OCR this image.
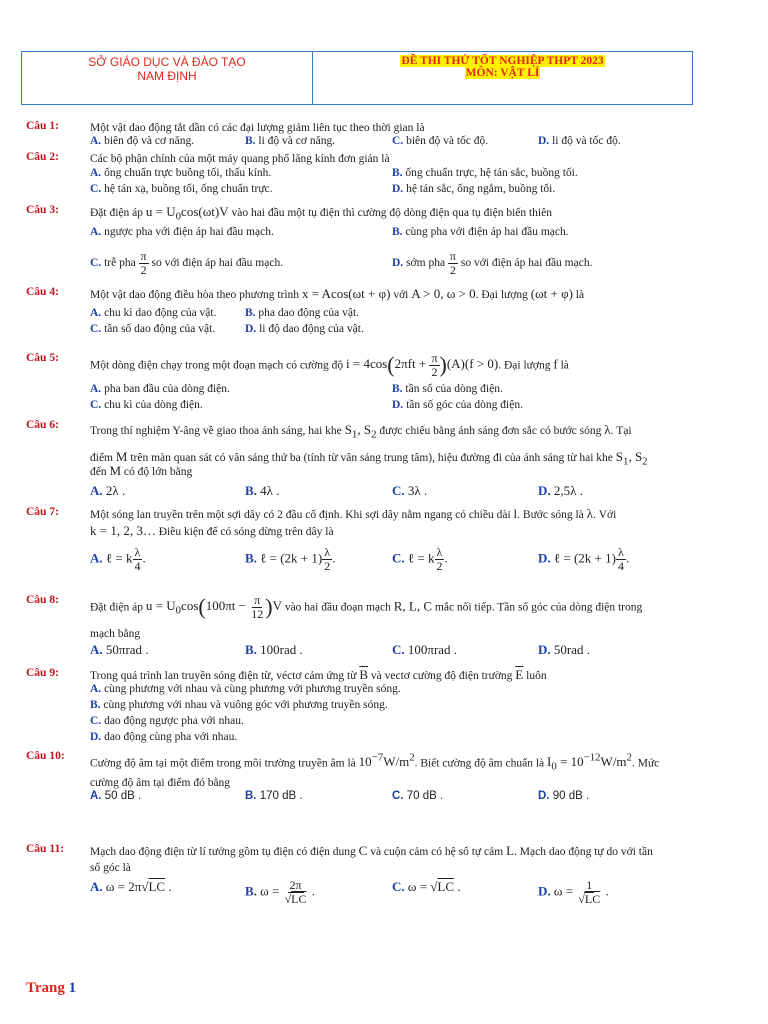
SỞ GIÁO DỤC VÀ ĐÀO TẠO
NAM ĐỊNH
ĐỀ THI THỬ TỐT NGHIỆP THPT 2023
MÔN: VẬT LÍ
Câu 1:	Một vật dao động tắt dần có các đại lượng giảm liên tục theo thời gian là
A. biên độ và cơ năng.	B. li độ và cơ năng.	C. biên độ và tốc độ.	D. li độ và tốc độ.
Câu 2:	Các bộ phận chính của một máy quang phổ lăng kính đơn giản là
A. ống chuẩn trực buồng tối, thấu kính.	B. ống chuẩn trực, hệ tán sắc, buồng tối.
C. hệ tán xạ, buồng tối, ống chuẩn trực.	D. hệ tán sắc, ống ngắm, buồng tối.
Câu 3:	Đặt điện áp $u = U_0\cos(\omega t)V$ vào hai đầu một tụ điện thì cường độ dòng điện qua tụ điện biến thiên
A. ngược pha với điện áp hai đầu mạch.	B. cùng pha với điện áp hai đầu mạch.
C. trễ pha $\frac{\pi}{2}$ so với điện áp hai đầu mạch.	D. sớm pha $\frac{\pi}{2}$ so với điện áp hai đầu mạch.
Câu 4:	Một vật dao động điều hòa theo phương trình x = Acos(ωt + φ) với A > 0, ω > 0. Đại lượng (ωt + φ) là
A. chu kì dao động của vật. B. pha dao động của vật.
C. tần số dao động của vật.	D. li độ dao động của vật.
Câu 5:
Một dòng điện chạy trong một đoạn mạch có cường độ $i = 4\cos(2\pi ft + \frac{\pi}{2} )(A)(f > 0)$. Đại lượng f là
A. pha ban đầu của dòng điện.	B. tần số của dòng điện.
C. chu kì của dòng điện.	D. tần số góc của dòng điện.
Câu 6:	Trong thí nghiệm Y-âng về giao thoa ánh sáng, hai khe $S_1$, $S_2$ được chiếu bằng ánh sáng đơn sắc có bước sóng λ. Tại
điểm M trên màn quan sát có vân sáng thứ ba (tính từ vân sáng trung tâm), hiệu đường đi của ánh sáng từ hai khe $S_1$, $S_2$

đến M có độ lớn bằng
A. 2λ .	B. 4λ .	C. 3λ .	D. 2,5λ .
Câu 7:	Một sóng lan truyền trên một sợi dây có 2 đầu cố định. Khi sợi dây nằm ngang có chiều dài l. Bước sóng là λ. Với
k = 1, 2, 3… Điều kiện để có sóng dừng trên dây là
A. ℓ = k $\frac{\lambda}{4}$ .	B. ℓ = $(2k + 1) \frac{\lambda}{2}$ .	C. ℓ = k $\frac{\lambda}{2}$ .	D. ℓ = $(2k + 1) \frac{\lambda}{4}$ .
Câu 8:
Đặt điện áp $u = U_0\cos(100\pi t - \frac{\pi}{12} )V$ vào hai đầu đoạn mạch R, L, C mắc nối tiếp. Tần số góc của dòng điện trong
mạch bằng
A. 50πrad .	B. 100rad .	C. 100πrad .	D. 50rad .
Câu 9:	Trong quá trình lan truyền sóng điện từ, véctơ cảm ứng từ $\overline{B}$ và vectơ cường độ điện trường $\overline{E}$ luôn
A. cùng phương với nhau và cùng phương với phương truyền sóng.
B. cùng phương với nhau và vuông góc với phương truyền sóng.
C. dao động ngược pha với nhau.
D. dao động cùng pha với nhau.
Câu 10:
Cường độ âm tại một điểm trong môi trường truyền âm là $10^{-7}W/m^2$. Biết cường độ âm chuẩn là $I_0 = 10^{-12}W/m^2$. Mức
cường độ âm tại điểm đó bằng
A. 50 dB .	B. 170 dB .	C. 70 dB .	D. 90 dB .
Câu 11: Mạch dao động điện từ lí tưởng gồm tụ điện có điện dung C và cuộn cảm có hệ số tự cảm L. Mạch dao động tự do với tần
số góc là
A. ω = 2π√LC .	B. $\omega = \frac{2\pi}{√LC}$ .	C. ω = √LC .	D. $\omega = \frac{1}{√LC}$ .
Trang 1
